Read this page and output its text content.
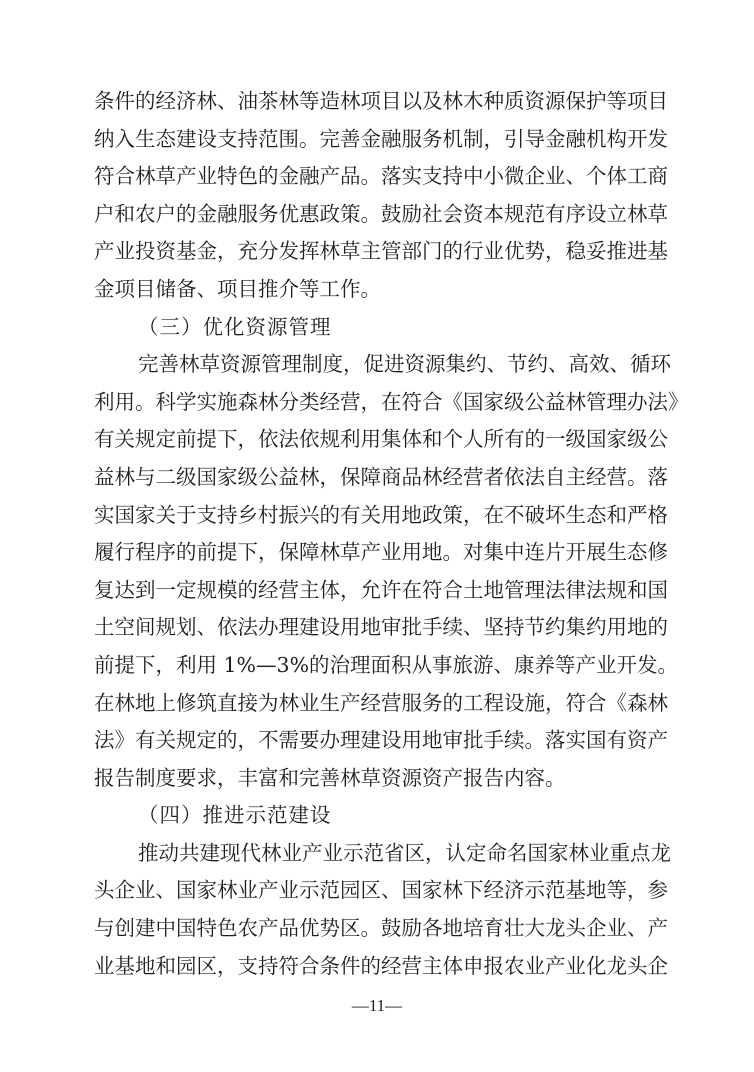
条件的经济林、油茶林等造林项目以及林木种质资源保护等项目
纳入生态建设支持范围。完善金融服务机制，引导金融机构开发
符合林草产业特色的金融产品。落实支持中小微企业、个体工商
户和农户的金融服务优惠政策。鼓励社会资本规范有序设立林草
产业投资基金，充分发挥林草主管部门的行业优势，稳妥推进基
金项目储备、项目推介等工作。
（三）优化资源管理
完善林草资源管理制度，促进资源集约、节约、高效、循环
利用。科学实施森林分类经营，在符合《国家级公益林管理办法》
有关规定前提下，依法依规利用集体和个人所有的一级国家级公
益林与二级国家级公益林，保障商品林经营者依法自主经营。落
实国家关于支持乡村振兴的有关用地政策，在不破坏生态和严格
履行程序的前提下，保障林草产业用地。对集中连片开展生态修
复达到一定规模的经营主体，允许在符合土地管理法律法规和国
土空间规划、依法办理建设用地审批手续、坚持节约集约用地的
前提下，利用 1%—3%的治理面积从事旅游、康养等产业开发。
在林地上修筑直接为林业生产经营服务的工程设施，符合《森林
法》有关规定的，不需要办理建设用地审批手续。落实国有资产
报告制度要求，丰富和完善林草资源资产报告内容。
（四）推进示范建设
推动共建现代林业产业示范省区，认定命名国家林业重点龙
头企业、国家林业产业示范园区、国家林下经济示范基地等，参
与创建中国特色农产品优势区。鼓励各地培育壮大龙头企业、产
业基地和园区，支持符合条件的经营主体申报农业产业化龙头企
—11—
